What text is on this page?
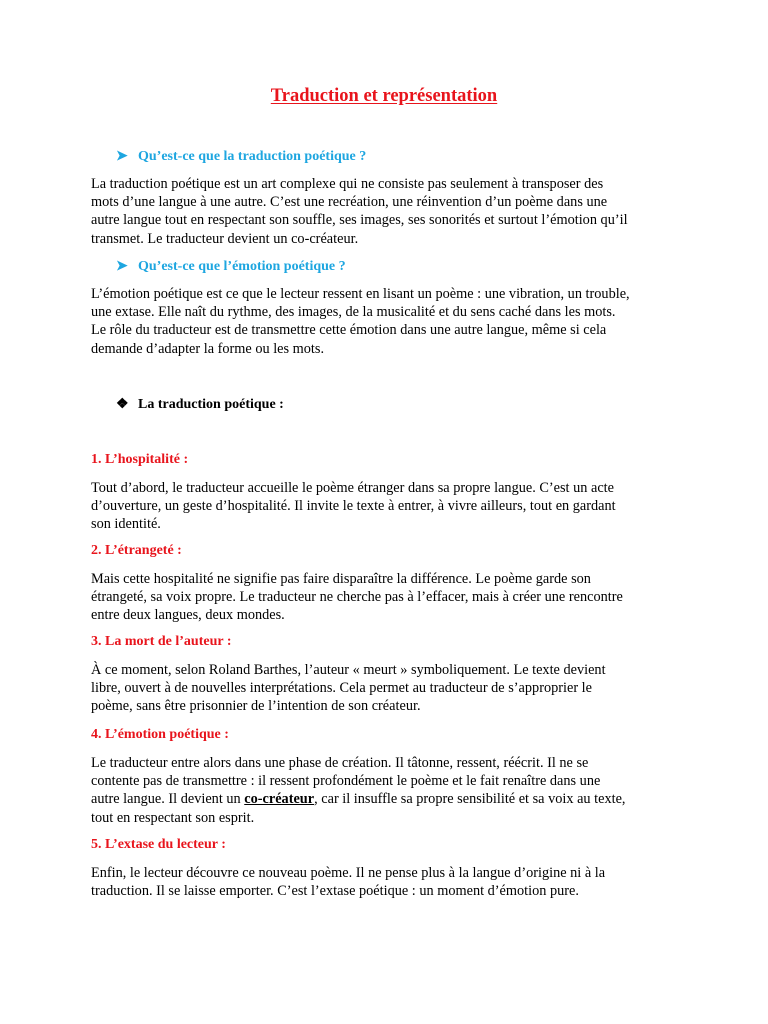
Traduction et représentation
➤ Qu’est-ce que la traduction poétique ?
La traduction poétique est un art complexe qui ne consiste pas seulement à transposer des
mots d’une langue à une autre. C’est une recréation, une réinvention d’un poème dans une
autre langue tout en respectant son souffle, ses images, ses sonorités et surtout l’émotion qu’il
transmet. Le traducteur devient un co-créateur.
➤ Qu’est-ce que l’émotion poétique ?
L’émotion poétique est ce que le lecteur ressent en lisant un poème : une vibration, un trouble,
une extase. Elle naît du rythme, des images, de la musicalité et du sens caché dans les mots.
Le rôle du traducteur est de transmettre cette émotion dans une autre langue, même si cela
demande d’adapter la forme ou les mots.
❖ La traduction poétique :
1. L’hospitalité :
Tout d’abord, le traducteur accueille le poème étranger dans sa propre langue. C’est un acte
d’ouverture, un geste d’hospitalité. Il invite le texte à entrer, à vivre ailleurs, tout en gardant
son identité.
2. L’étrangeté :
Mais cette hospitalité ne signifie pas faire disparaître la différence. Le poème garde son
étrangeté, sa voix propre. Le traducteur ne cherche pas à l’effacer, mais à créer une rencontre
entre deux langues, deux mondes.
3. La mort de l’auteur :
À ce moment, selon Roland Barthes, l’auteur « meurt » symboliquement. Le texte devient
libre, ouvert à de nouvelles interprétations. Cela permet au traducteur de s’approprier le
poème, sans être prisonnier de l’intention de son créateur.
4. L’émotion poétique :
Le traducteur entre alors dans une phase de création. Il tâtonne, ressent, réécrit. Il ne se
contente pas de transmettre : il ressent profondément le poème et le fait renaître dans une
autre langue. Il devient un co-créateur, car il insuffle sa propre sensibilité et sa voix au texte,
tout en respectant son esprit.
5. L’extase du lecteur :
Enfin, le lecteur découvre ce nouveau poème. Il ne pense plus à la langue d’origine ni à la
traduction. Il se laisse emporter. C’est l’extase poétique : un moment d’émotion pure.
